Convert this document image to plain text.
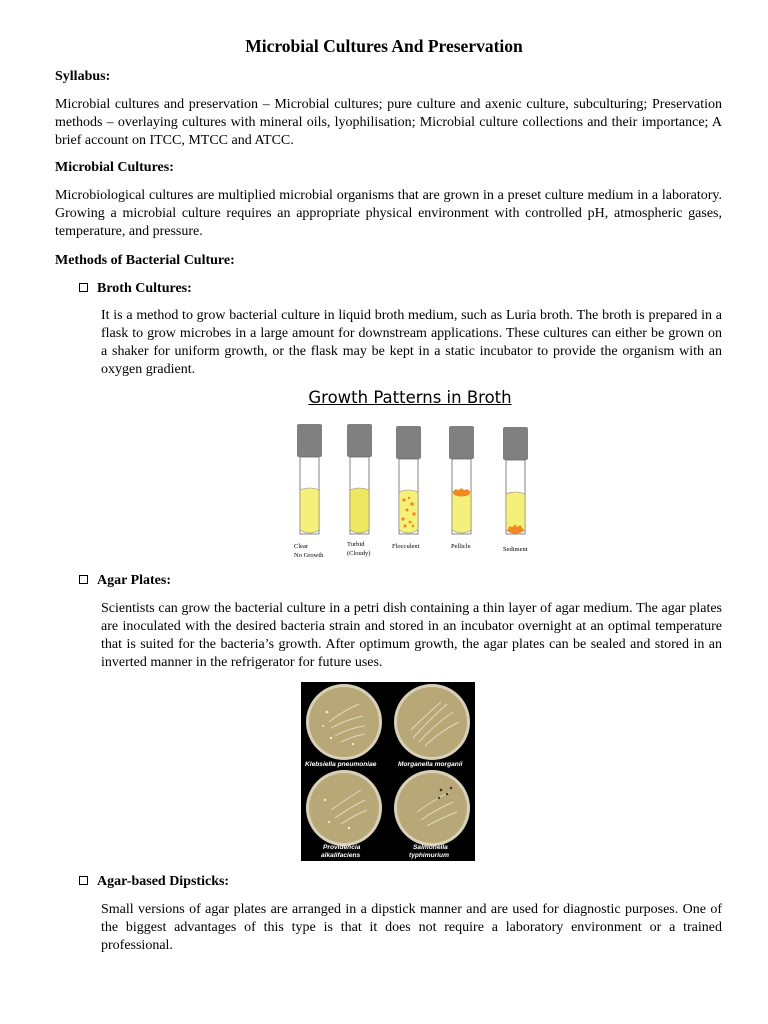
Microbial Cultures And Preservation
Syllabus:

Microbial cultures and preservation – Microbial cultures; pure culture and axenic culture, subculturing; Preservation methods – overlaying cultures with mineral oils, lyophilisation; Microbial culture collections and their importance; A brief account on ITCC, MTCC and ATCC.

Microbial Cultures:

Microbiological cultures are multiplied microbial organisms that are grown in a preset culture medium in a laboratory. Growing a microbial culture requires an appropriate physical environment with controlled pH, atmospheric gases, temperature, and pressure.

Methods of Bacterial Culture:
Broth Cultures:

It is a method to grow bacterial culture in liquid broth medium, such as Luria broth. The broth is prepared in a flask to grow microbes in a large amount for downstream applications. These cultures can either be grown on a shaker for uniform growth, or the flask may be kept in a static incubator to provide the organism with an oxygen gradient.

Growth Patterns in Broth
Clear
No Growth
Turbid
(Cloudy)
Flocculent	Pellicle	Sediment
Agar Plates:

Scientists can grow the bacterial culture in a petri dish containing a thin layer of agar medium. The agar plates are inoculated with the desired bacteria strain and stored in an incubator overnight at an optimal temperature that is suited for the bacteria’s growth. After optimum growth, the agar plates can be sealed and stored in an inverted manner in the refrigerator for future uses.

Klebsiella pneumoniae	Morganella morganii
Providencia
alkalifaciens
Salmonella
typhimurium
Agar-based Dipsticks:

Small versions of agar plates are arranged in a dipstick manner and are used for diagnostic purposes. One of the biggest advantages of this type is that it does not require a laboratory environment or a trained professional.
